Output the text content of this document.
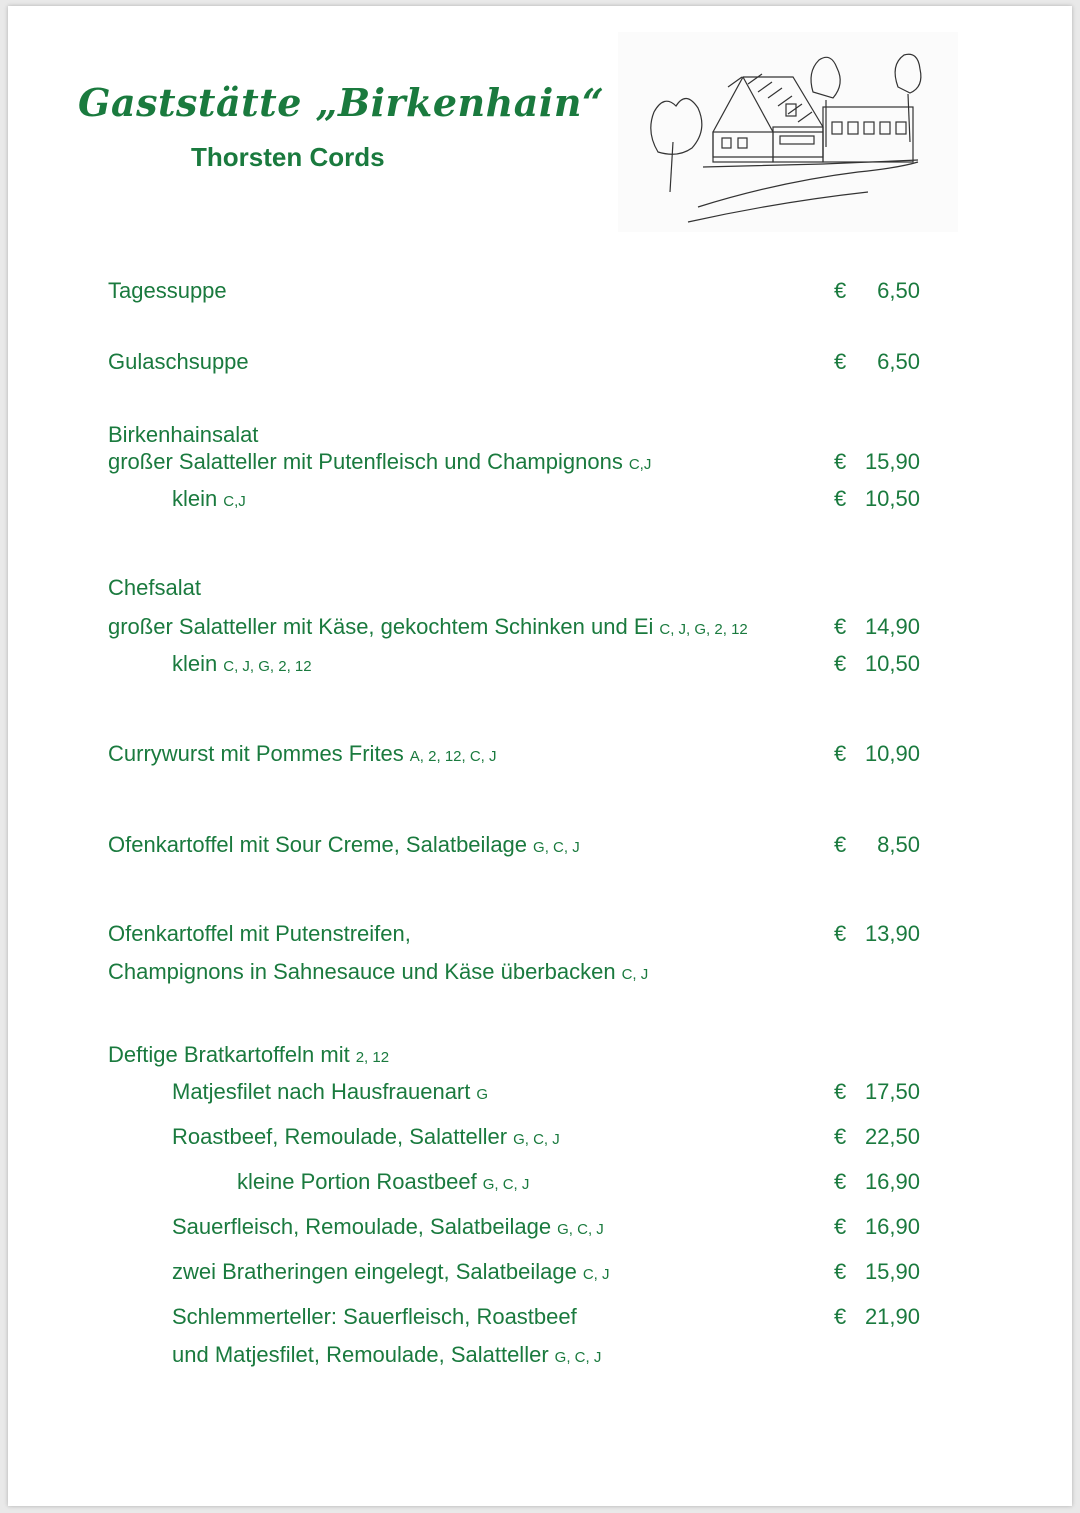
Gaststätte „Birkenhain“
Thorsten Cords
Tagessuppe	€ 6,50
Gulaschsuppe	€ 6,50
Birkenhainsalat
großer Salatteller mit Putenfleisch und Champignons C,J	€ 15,90
klein C,J	€ 10,50
Chefsalat
großer Salatteller mit Käse, gekochtem Schinken und Ei C, J, G, 2, 12	€ 14,90
klein C, J, G, 2, 12	€ 10,50
Currywurst mit Pommes Frites A, 2, 12, C, J	€ 10,90
Ofenkartoffel mit Sour Creme, Salatbeilage G, C, J	€ 8,50
Ofenkartoffel mit Putenstreifen,	€ 13,90
Champignons in Sahnesauce und Käse überbacken C, J
Deftige Bratkartoffeln mit 2, 12
Matjesfilet nach Hausfrauenart G	€ 17,50
Roastbeef, Remoulade, Salatteller G, C, J	€ 22,50
kleine Portion Roastbeef G, C, J	€ 16,90
Sauerfleisch, Remoulade, Salatbeilage G, C, J	€ 16,90
zwei Bratheringen eingelegt, Salatbeilage C, J	€ 15,90
Schlemmerteller: Sauerfleisch, Roastbeef	€ 21,90
und Matjesfilet, Remoulade, Salatteller G, C, J
